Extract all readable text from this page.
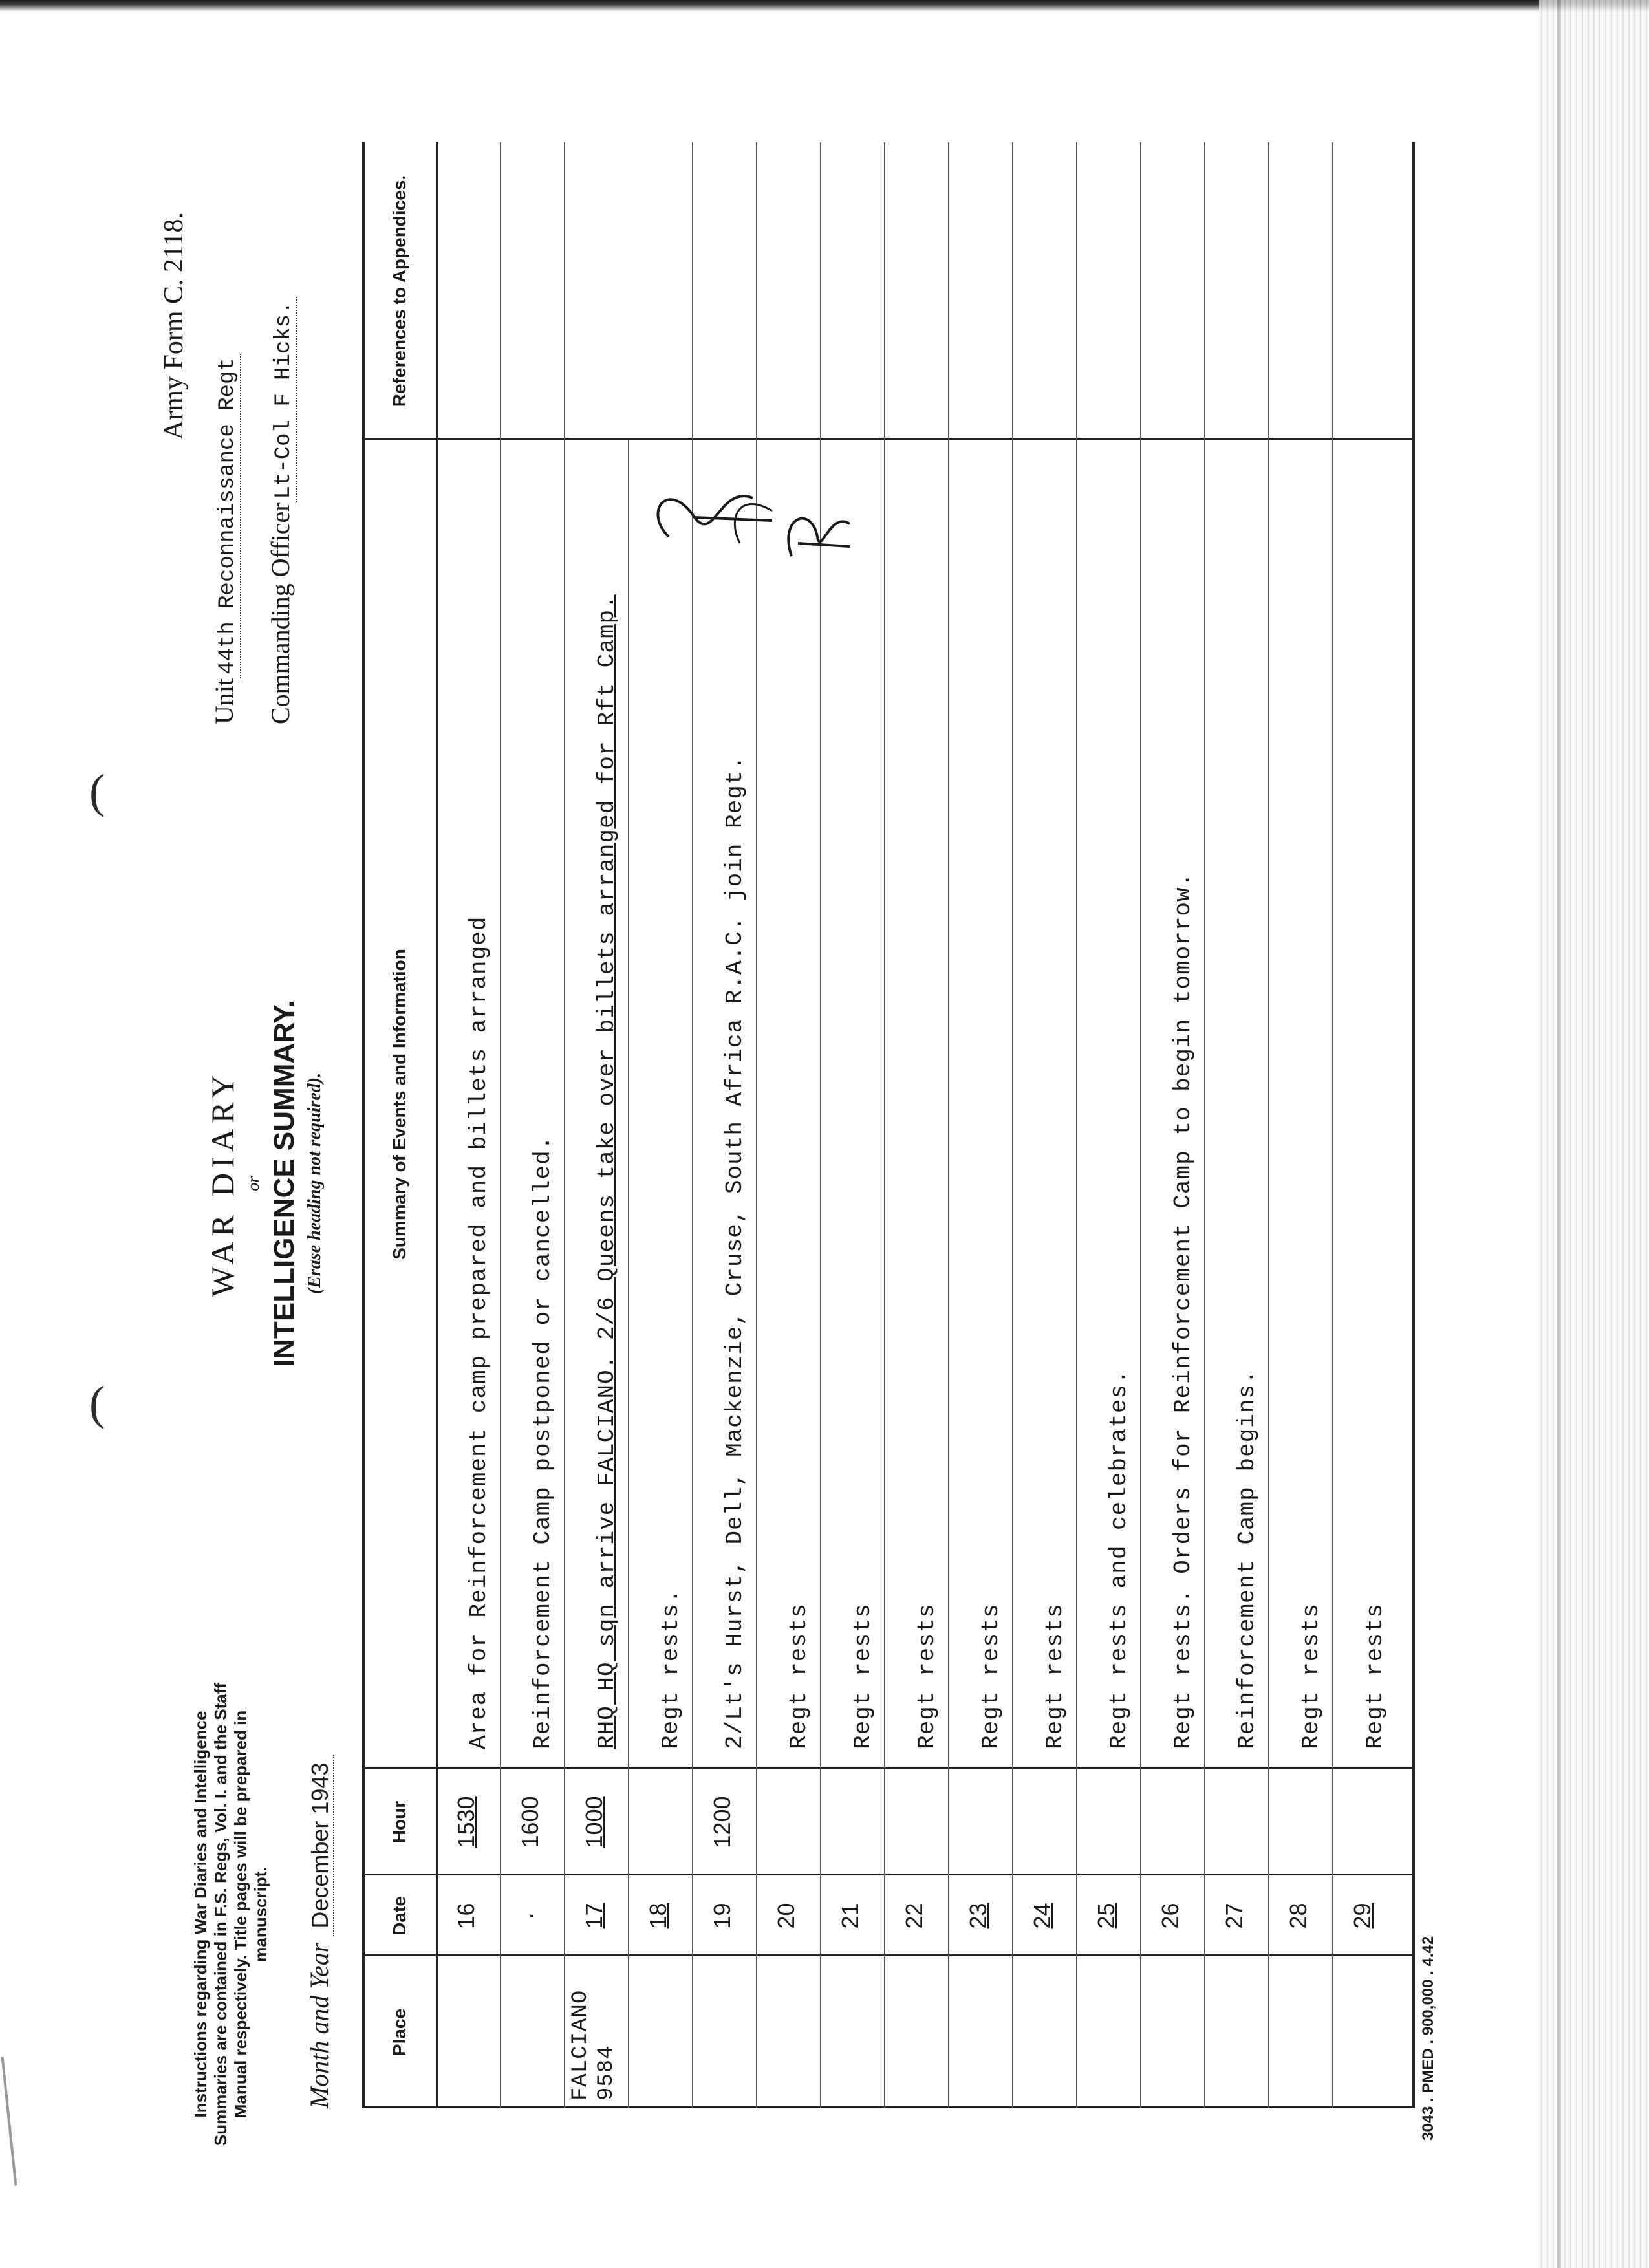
(
(
Instructions regarding War Diaries and Intelligence Summaries are contained in F.S. Regs, Vol. I. and the Staff Manual respectively. Title pages will be prepared in manuscript.
Month and Year December 1943
WAR DIARY or INTELLIGENCE SUMMARY. (Erase heading not required).
Army Form C. 2118.
Unit44th Reconnaissance Regt Commanding OfficerLt-Col F Hicks.
Place
Date
Hour
Summary of Events and Information
References to Appendices.
16
1530
Area for Reinforcement camp prepared and billets arranged
·
1600
Reinforcement Camp postponed or cancelled.
FALCIANO 9584
17
1000
RHQ HQ sqn arrive FALCIANO. 2/6 Queens take over billets arranged for Rft Camp.
18
Regt rests.
19
1200
2/Lt's Hurst, Dell, Mackenzie, Cruse, South Africa R.A.C. join Regt.
20
Regt rests
21
Regt rests
22
Regt rests
23
Regt rests
24
Regt rests
25
Regt rests and celebrates.
26
Regt rests. Orders for Reinforcement Camp to begin tomorrow.
27
Reinforcement Camp begins.
28
Regt rests
29
Regt rests
3043 . PMED . 900,000 . 4.42
